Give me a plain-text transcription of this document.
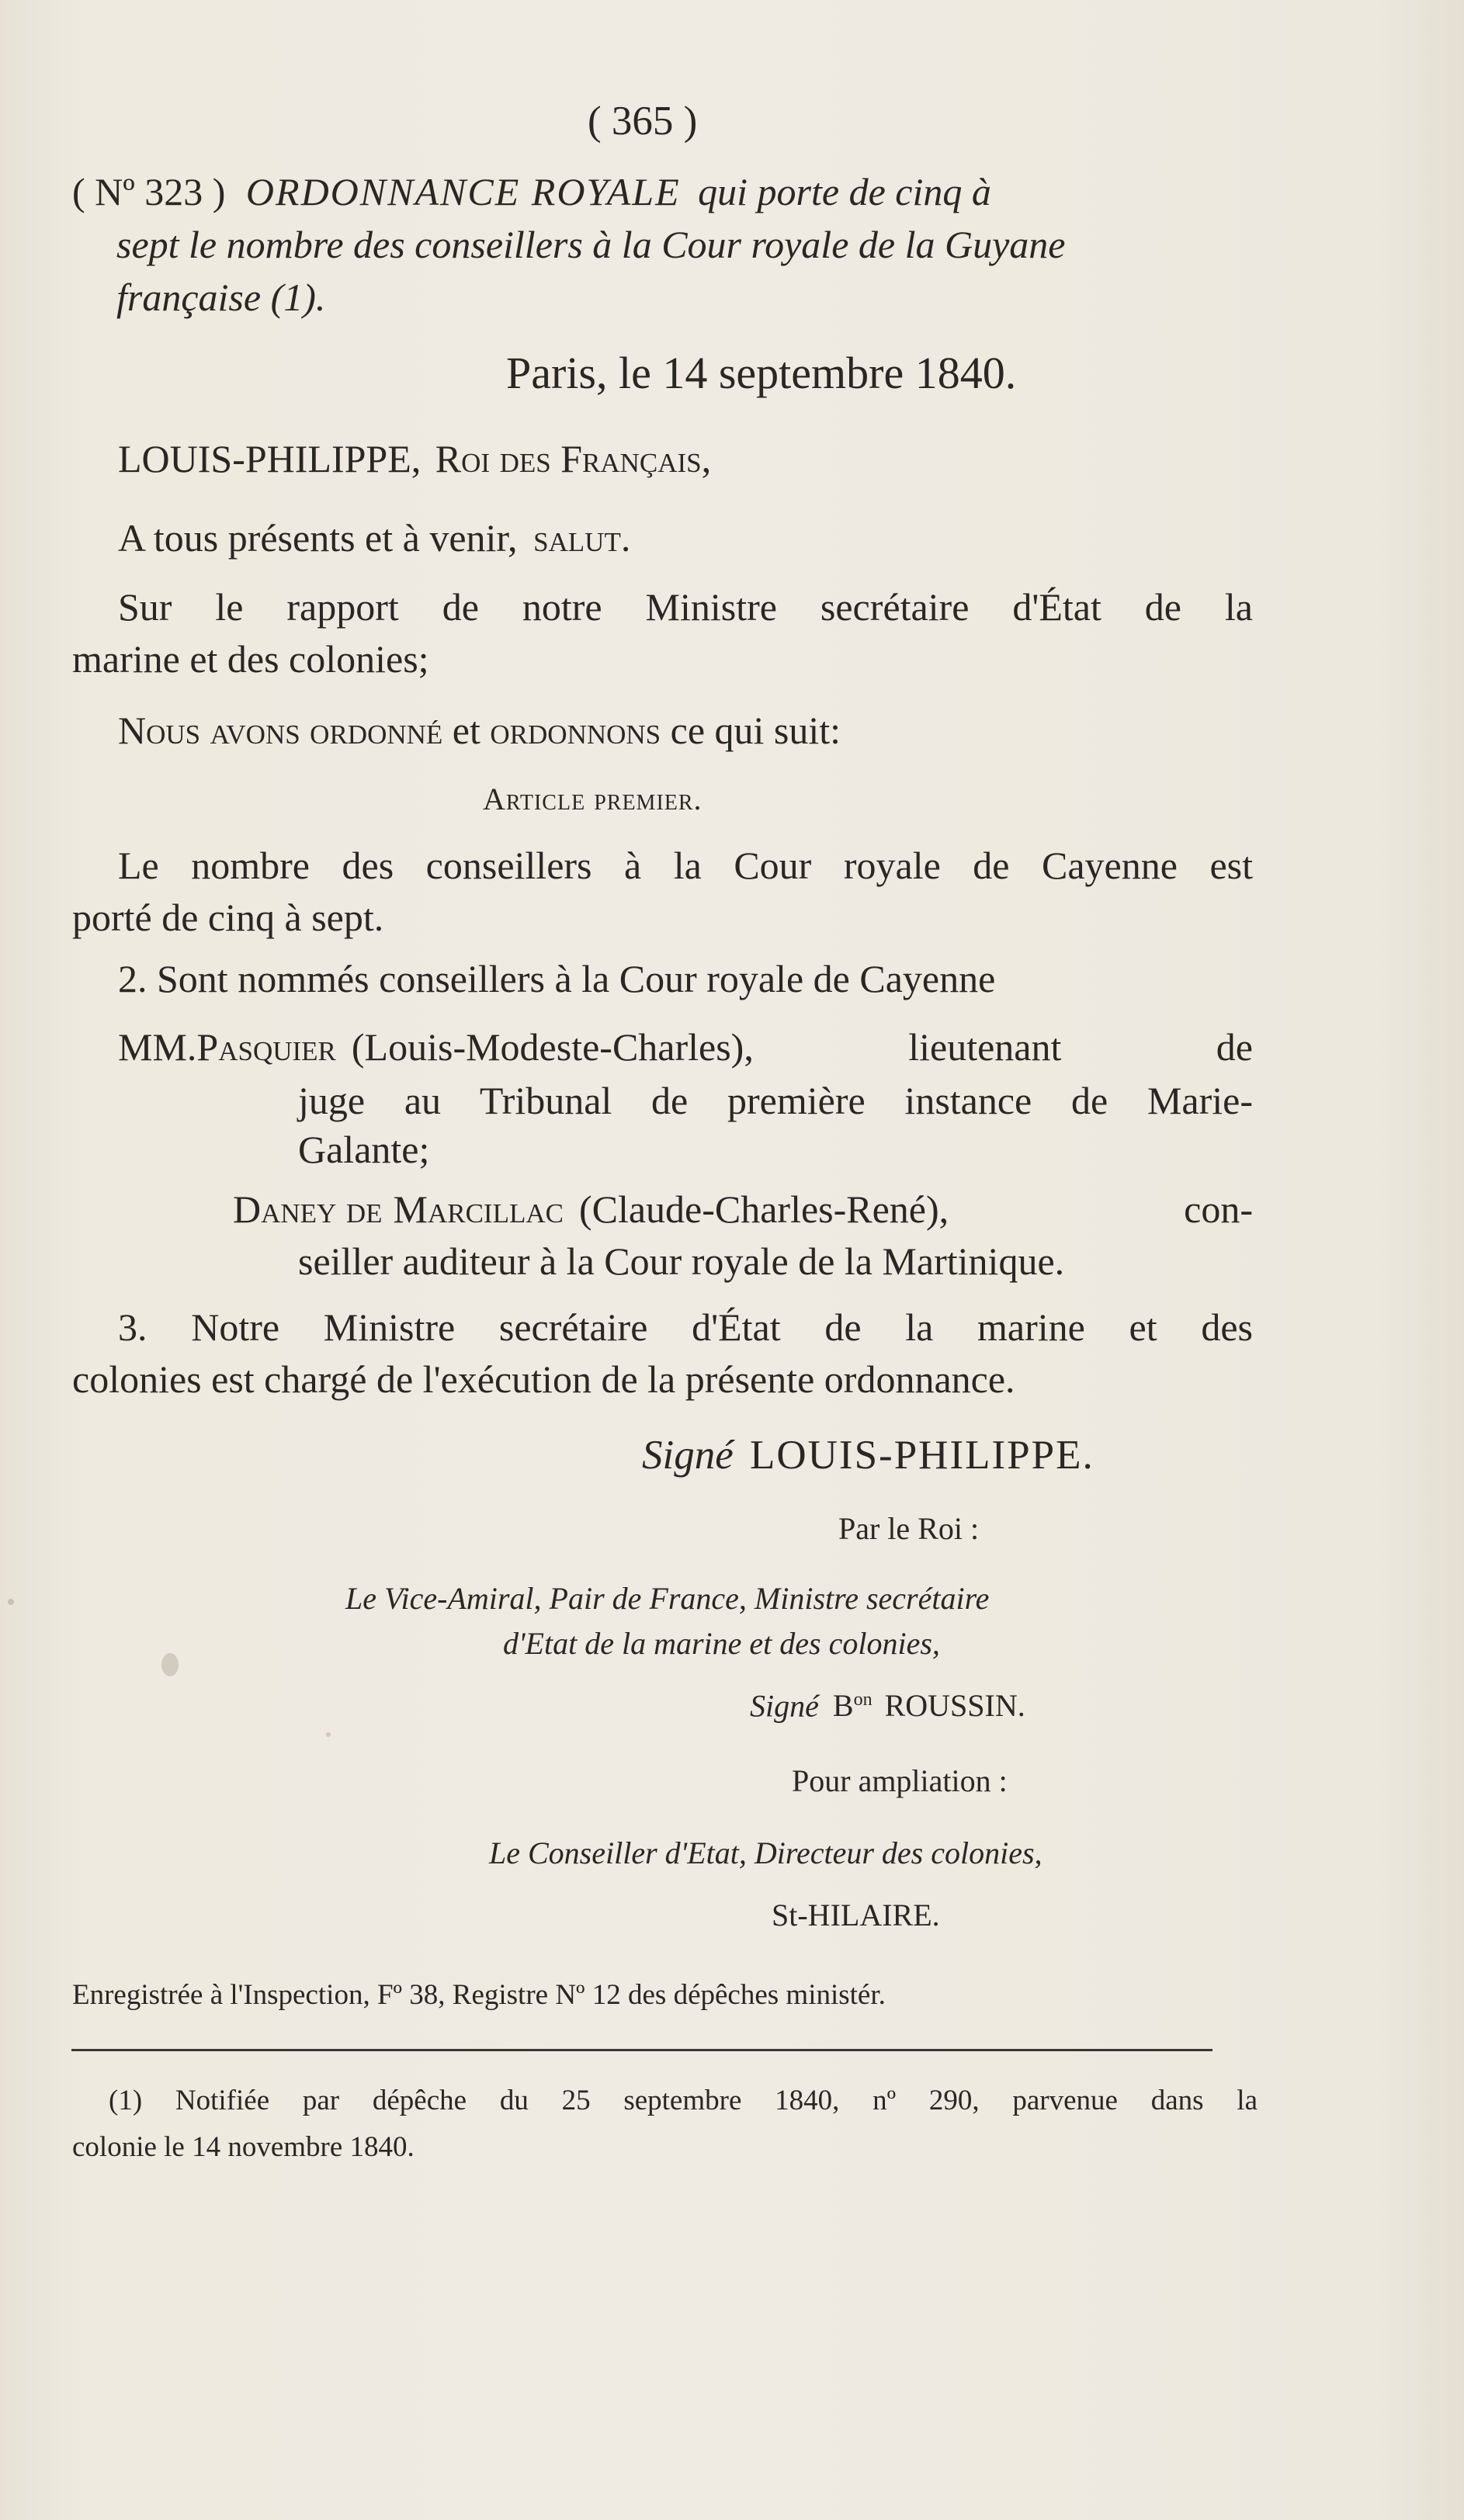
( 365 )
( Nº 323 ) ORDONNANCE ROYALE qui porte de cinq à
sept le nombre des conseillers à la Cour royale de la Guyane
française (1).
Paris, le 14 septembre 1840.
LOUIS-PHILIPPE, Roi des Français,
A tous présents et à venir, salut.
Sur le rapport de notre Ministre secrétaire d'État de la
marine et des colonies;
Nous avons ordonné et ordonnons ce qui suit:
Article premier.
Le nombre des conseillers à la Cour royale de Cayenne est
porté de cinq à sept.
2. Sont nommés conseillers à la Cour royale de Cayenne
MM. Pasquier (Louis-Modeste-Charles), lieutenant de
juge au Tribunal de première instance de Marie-
Galante;
Daney de Marcillac (Claude-Charles-René), con-
seiller auditeur à la Cour royale de la Martinique.
3. Notre Ministre secrétaire d'État de la marine et des
colonies est chargé de l'exécution de la présente ordonnance.
Signé LOUIS-PHILIPPE.
Par le Roi :
Le Vice-Amiral, Pair de France, Ministre secrétaire
d'Etat de la marine et des colonies,
Signé $B^{on}$ ROUSSIN.
Pour ampliation :
Le Conseiller d'Etat, Directeur des colonies,
St-HILAIRE.
Enregistrée à l'Inspection, Fº 38, Registre Nº 12 des dépêches ministér.
(1) Notifiée par dépêche du 25 septembre 1840, nº 290, parvenue dans la
colonie le 14 novembre 1840.
